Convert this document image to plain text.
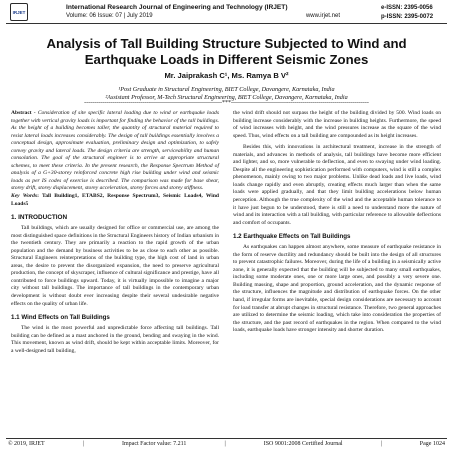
IRJET
International Research Journal of Engineering and Technology (IRJET)
Volume: 06 Issue: 07 | July 2019	www.irjet.net
e-ISSN: 2395-0056
p-ISSN: 2395-0072
Analysis of Tall Building Structure Subjected to Wind and Earthquake Loads in Different Seismic Zones
Mr. Jaiprakash C¹, Ms. Ramya B V²
¹Post Graduate in Structural Engineering, BIET College, Davangere, Karnataka, India
²Assistant Professor, M-Tech Structural Engineering, BIET College, Davangere, Karnataka, India
---------------------------------------------------------------------***---------------------------------------------------------------------

Abstract - Consideration of site specific lateral loading due to wind or earthquake loads together with vertical gravity loads is important for finding the behavior of the tall buildings. As the height of a building becomes taller, the quantity of structural material required to resist lateral loads increases considerably. The design of tall buildings essentially involves a conceptual design, approximate evaluation, preliminary design and optimization, to safely convey gravity and lateral loads. The design criteria are strength, serviceability and human consolation. The goal of the structural engineer is to arrive at appropriate structural schemes, to meet these criteria. In the present research, the Response Spectrum Method of analysis of a G+30-storey reinforced concrete high rise building under wind and seismic loads as per IS codes of exercise is described. The comparison was made for base shear, storey drift, storey displacement, storey acceleration, storey forces and storey stiffness.

Key Words: Tall Building1, ETABS2, Response Spectrum3, Seismic Loads4, Wind Loads5

1. INTRODUCTION

Tall buildings, which are usually designed for office or commercial use, are among the most distinguished space definitions in the Structural Engineers history of Indian urbanism in the twentieth century. They are primarily a reaction to the rapid growth of the urban population and the demand by business activities to be as close to each other as possible. Structural Engineers reinterpretations of the building type, the high cost of land in urban areas, the desire to prevent the disorganized expansion, the need to preserve agricultural production, the concept of skyscraper, influence of cultural significance and prestige, have all contributed to force buildings upward. Today, it is virtually impossible to imagine a major city without tall buildings. The importance of tall buildings in the contemporary urban development is without doubt ever increasing despite their several undesirable negative effects on the quality of urban life.

1.1 Wind Effects on Tall Buildings

The wind is the most powerful and unpredictable force affecting tall buildings. Tall building can be defined as a mast anchored in the ground, bending and swaying in the wind. This movement, known as wind drift, should be kept within acceptable limits. Moreover, for a well-designed tall building,

the wind drift should not surpass the height of the building divided by 500. Wind loads on building increase considerably with the increase in building heights. Furthermore, the speed of wind increases with height, and the wind pressures increase as the square of the wind speed. Thus, wind effects on a tall building are compounded as its height increases.

Besides this, with innovations in architectural treatment, increase in the strength of materials, and advances in methods of analysis, tall buildings have become more efficient and lighter, and so, more vulnerable to deflection, and even to swaying under wind loading. Despite all the engineering sophistication performed with computers, wind is still a complex phenomenon, mainly owing to two major problems. Unlike dead loads and live loads, wind loads change rapidly and even abruptly, creating effects much larger than when the same loads were applied gradually, and that they limit building accelerations below human perception. Although the true complexity of the wind and the acceptable human tolerance to it have just begun to be understood, there is still a need to understand more the nature of wind and its interaction with a tall building, with particular reference to allowable deflections and comfort of occupants.

1.2 Earthquake Effects on Tall Buildings

As earthquakes can happen almost anywhere, some measure of earthquake resistance in the form of reserve ductility and redundancy should be built into the design of all structures to prevent catastrophic failures. Moreover, during the life of a building in a seismically active zone, it is generally expected that the building will be subjected to many small earthquakes, including some moderate ones, one or more large ones, and possibly a very severe one. Building massing, shape and proportion, ground acceleration, and the dynamic response of the structure, influences the magnitude and distribution of earthquake forces. On the other hand, if irregular forms are inevitable, special design considerations are necessary to account for load transfer at abrupt changes in structural resistance. Therefore, two general approaches are utilized to determine the seismic loading, which take into consideration the properties of the structure, and the past record of earthquakes in the region. When compared to the wind loads, earthquake loads have stronger intensity and shorter duration.

© 2019, IRJET	|	Impact Factor value: 7.211	|	ISO 9001:2008 Certified Journal	|	Page 1024
